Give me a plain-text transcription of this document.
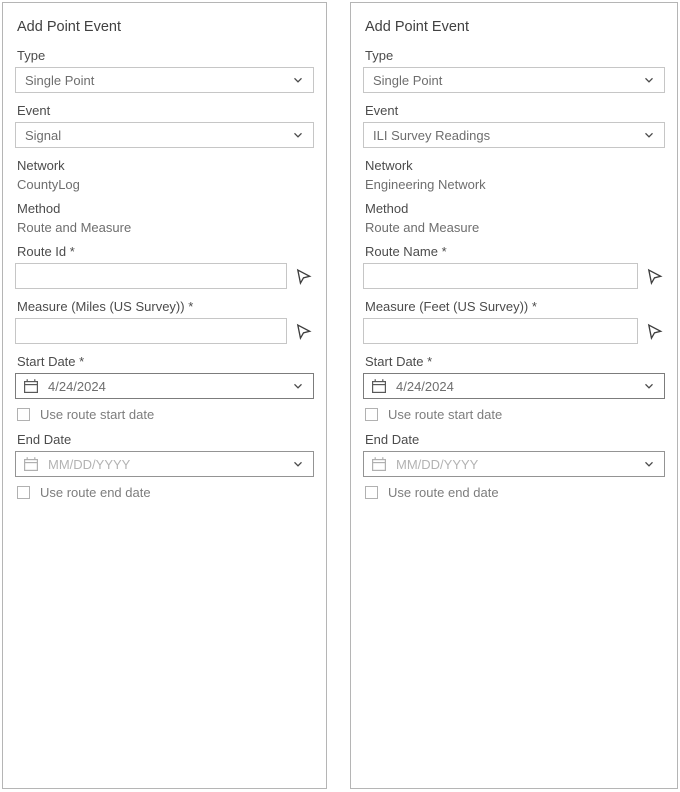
Add Point Event
Type
Single Point
Event
Signal
Network
CountyLog
Method
Route and Measure
Route Id *
Measure (Miles (US Survey)) *
Start Date *
4/24/2024
Use route start date
End Date
MM/DD/YYYY
Use route end date
Add Point Event
Type
Single Point
Event
ILI Survey Readings
Network
Engineering Network
Method
Route and Measure
Route Name *
Measure (Feet (US Survey)) *
Start Date *
4/24/2024
Use route start date
End Date
MM/DD/YYYY
Use route end date
